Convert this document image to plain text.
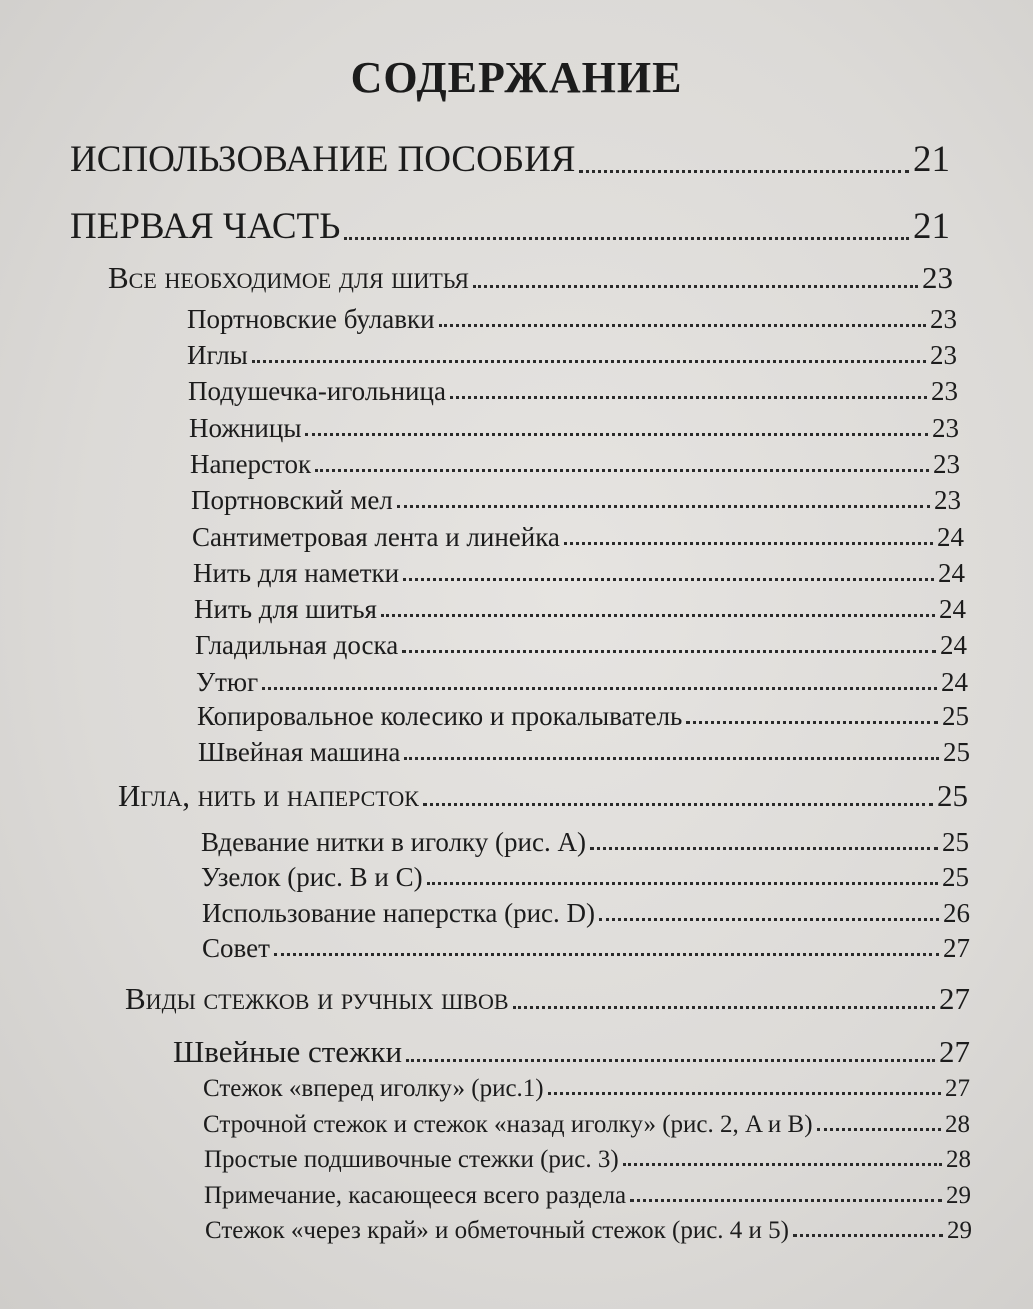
СОДЕРЖАНИЕ
ИСПОЛЬЗОВАНИЕ ПОСОБИЯ	21
ПЕРВАЯ ЧАСТЬ	21
Все необходимое для шитья	23
Портновские булавки	23
Иглы	23
Подушечка-игольница	23
Ножницы	23
Наперсток	23
Портновский мел	23
Сантиметровая лента и линейка	24
Нить для наметки	24
Нить для шитья	24
Гладильная доска	24
Утюг	24
Копировальное колесико и прокалыватель	25
Швейная машина	25
Игла, нить и наперсток	25
Вдевание нитки в иголку (рис. A)	25
Узелок (рис. B и C)	25
Использование наперстка (рис. D)	26
Совет	27
Виды стежков и ручных швов	27
Швейные стежки	27
Стежок «вперед иголку» (рис.1)	27
Строчной стежок и стежок «назад иголку» (рис. 2, A и B)	28
Простые подшивочные стежки (рис. 3)	28
Примечание, касающееся всего раздела	29
Стежок «через край» и обметочный стежок (рис. 4 и 5)	29
